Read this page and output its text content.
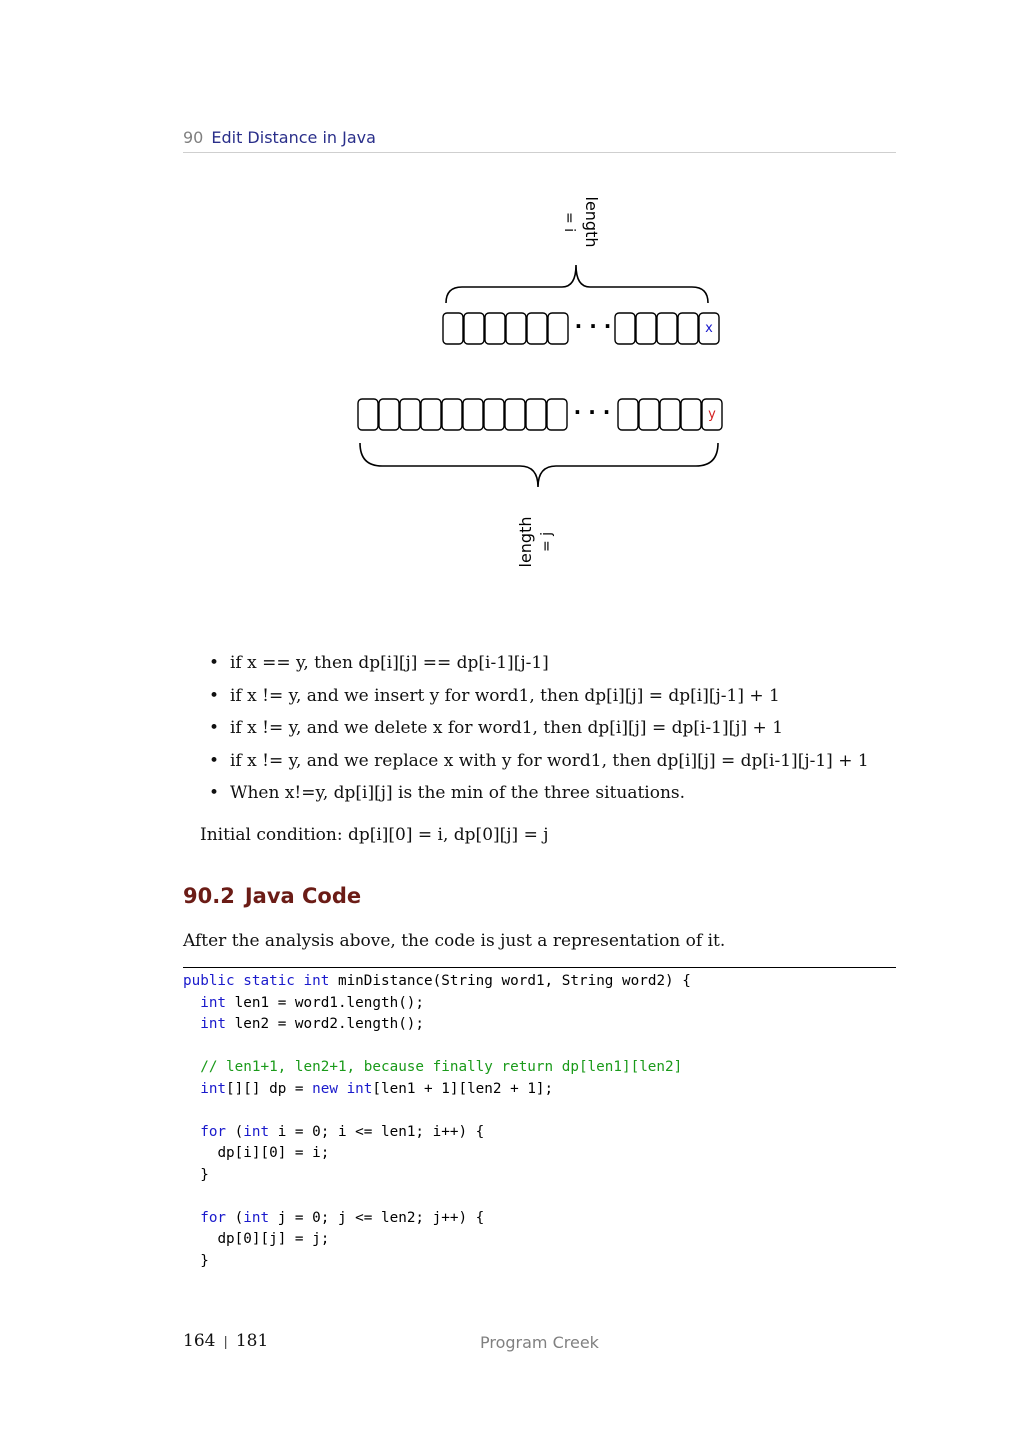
90 Edit Distance in Java
length
= i
· · ·	x
· · ·	y
length = j
• if x == y, then dp[i][j] == dp[i-1][j-1]
• if x != y, and we insert y for word1, then dp[i][j] = dp[i][j-1] + 1
• if x != y, and we delete x for word1, then dp[i][j] = dp[i-1][j] + 1
• if x != y, and we replace x with y for word1, then dp[i][j] = dp[i-1][j-1] + 1
• When x!=y, dp[i][j] is the min of the three situations.
Initial condition: dp[i][0] = i, dp[0][j] = j
90.2 Java Code
After the analysis above, the code is just a representation of it.
public static int minDistance(String word1, String word2) {
int len1 = word1.length();
int len2 = word2.length();

// len1+1, len2+1, because finally return dp[len1][len2]
int[][] dp = new int[len1 + 1][len2 + 1];

for (int i = 0; i <= len1; i++) {
dp[i][0] = i;
}

for (int j = 0; j <= len2; j++) {
dp[0][j] = j;
}
164 | 181	Program Creek
